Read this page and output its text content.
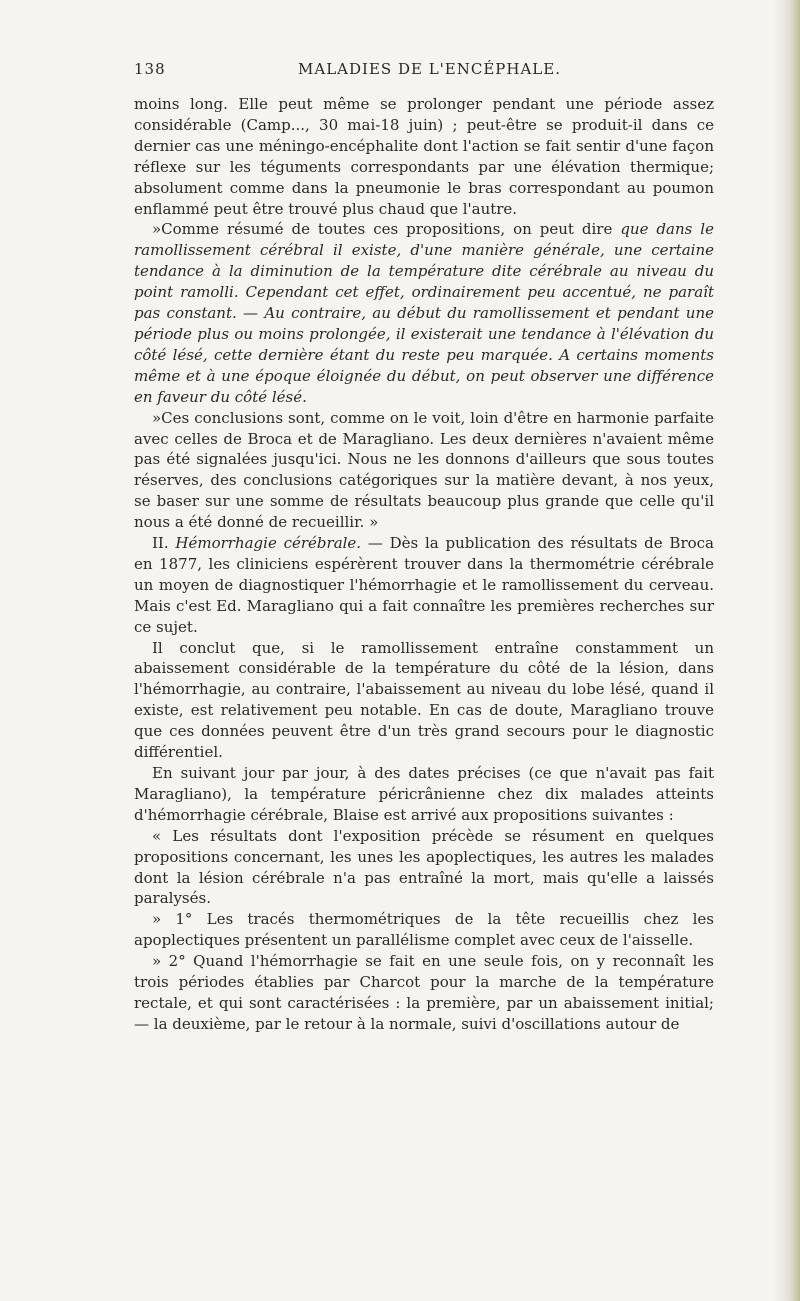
138	MALADIES DE L'ENCÉPHALE.

moins long. Elle peut même se prolonger pendant une période assez considérable (Camp..., 30 mai-18 juin) ; peut-être se produit-il dans ce dernier cas une méningo-encéphalite dont l'action se fait sentir d'une façon réflexe sur les téguments correspondants par une élévation thermique; absolument comme dans la pneumonie le bras correspondant au poumon enflammé peut être trouvé plus chaud que l'autre.

»Comme résumé de toutes ces propositions, on peut dire que dans le ramollissement cérébral il existe, d'une manière générale, une certaine tendance à la diminution de la température dite cérébrale au niveau du point ramolli. Cependant cet effet, ordinairement peu accentué, ne paraît pas constant. — Au contraire, au début du ramollissement et pendant une période plus ou moins prolongée, il existerait une tendance à l'élévation du côté lésé, cette dernière étant du reste peu marquée. A certains moments même et à une époque éloignée du début, on peut observer une différence en faveur du côté lésé.

»Ces conclusions sont, comme on le voit, loin d'être en harmonie parfaite avec celles de Broca et de Maragliano. Les deux dernières n'avaient même pas été signalées jusqu'ici. Nous ne les donnons d'ailleurs que sous toutes réserves, des conclusions catégoriques sur la matière devant, à nos yeux, se baser sur une somme de résultats beaucoup plus grande que celle qu'il nous a été donné de recueillir. »

II. Hémorrhagie cérébrale. — Dès la publication des résultats de Broca en 1877, les cliniciens espérèrent trouver dans la thermométrie cérébrale un moyen de diagnostiquer l'hémorrhagie et le ramollissement du cerveau. Mais c'est Ed. Maragliano qui a fait connaître les premières recherches sur ce sujet.

Il conclut que, si le ramollissement entraîne constamment un abaissement considérable de la température du côté de la lésion, dans l'hémorrhagie, au contraire, l'abaissement au niveau du lobe lésé, quand il existe, est relativement peu notable. En cas de doute, Maragliano trouve que ces données peuvent être d'un très grand secours pour le diagnostic différentiel.

En suivant jour par jour, à des dates précises (ce que n'avait pas fait Maragliano), la température péricrânienne chez dix malades atteints d'hémorrhagie cérébrale, Blaise est arrivé aux propositions suivantes :

« Les résultats dont l'exposition précède se résument en quelques propositions concernant, les unes les apoplectiques, les autres les malades dont la lésion cérébrale n'a pas entraîné la mort, mais qu'elle a laissés paralysés.

» 1° Les tracés thermométriques de la tête recueillis chez les apoplectiques présentent un parallélisme complet avec ceux de l'aisselle.

» 2° Quand l'hémorrhagie se fait en une seule fois, on y reconnaît les trois périodes établies par Charcot pour la marche de la température rectale, et qui sont caractérisées : la première, par un abaissement initial; — la deuxième, par le retour à la normale, suivi d'oscillations autour de
